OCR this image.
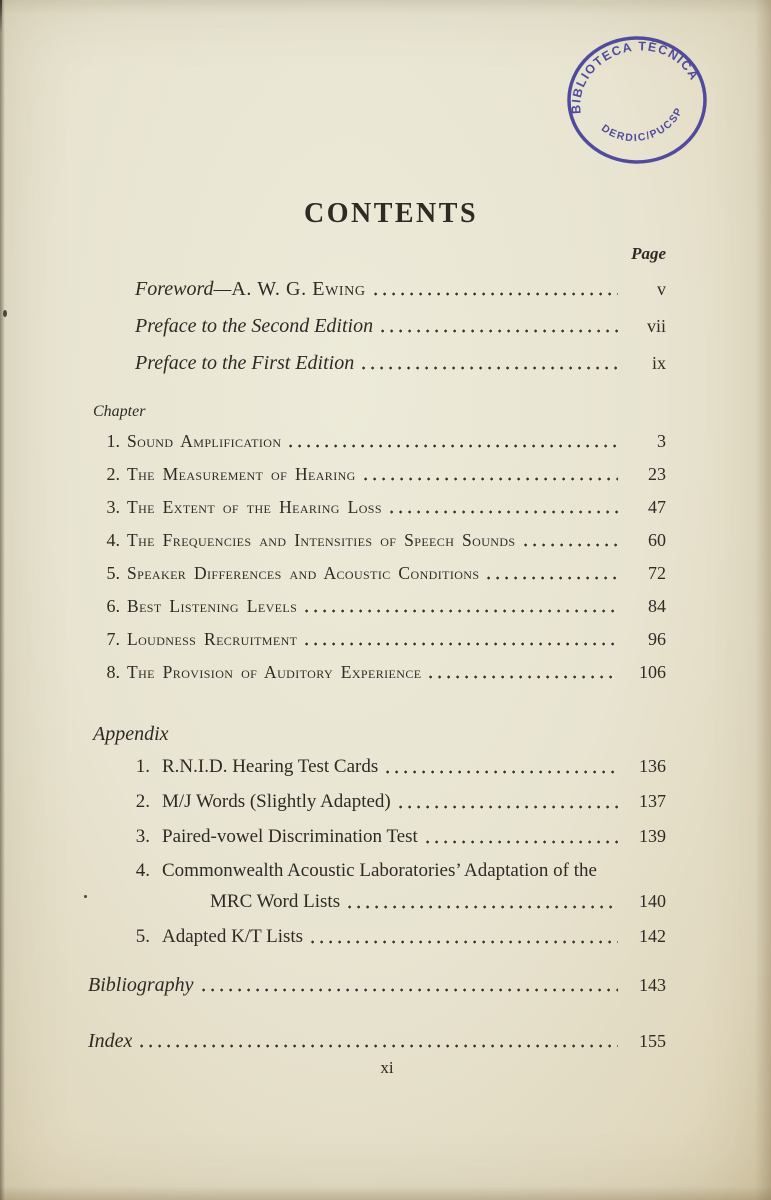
BIBLIOTECA TÉCNICA
DERDIC/PUCSP
CONTENTS
Page
Foreword—A. W. G. Ewing	v
Preface to the Second Edition	vii
Preface to the First Edition	ix
Chapter
1. Sound Amplification	3
2. The Measurement of Hearing	23
3. The Extent of the Hearing Loss	47
4. The Frequencies and Intensities of Speech Sounds	60
5. Speaker Differences and Acoustic Conditions	72
6. Best Listening Levels	84
7. Loudness Recruitment	96
8. The Provision of Auditory Experience	106
Appendix
1. R.N.I.D. Hearing Test Cards	136
2. M/J Words (Slightly Adapted)	137
3. Paired-vowel Discrimination Test	139
4. Commonwealth Acoustic Laboratories’ Adaptation of the
MRC Word Lists	140
5. Adapted K/T Lists	142
Bibliography	143
Index	155
xi
